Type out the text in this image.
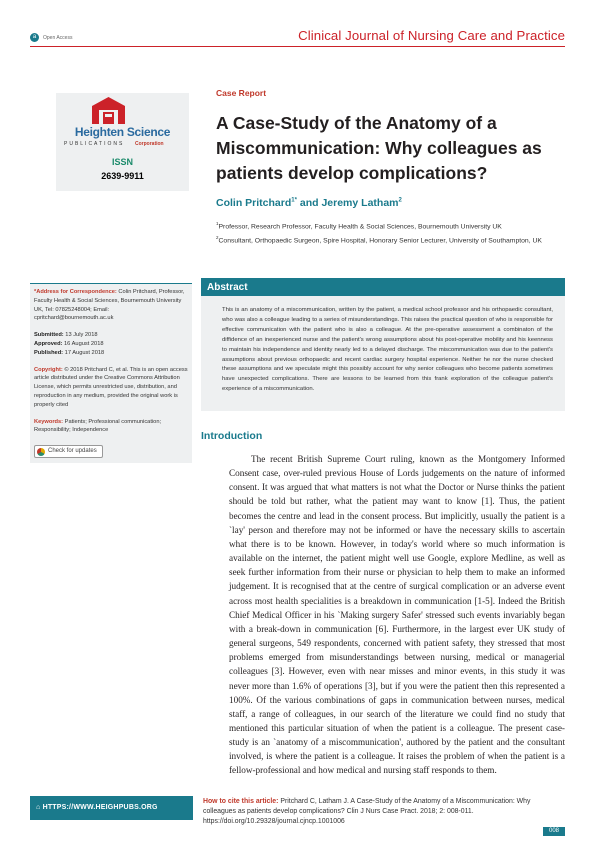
a	Open Access	Clinical Journal of Nursing Care and Practice
Heighten Science
PUBLICATIONS Corporation
ISSN
2639-9911
Case Report
A Case-Study of the Anatomy of a Miscommunication: Why colleagues as patients develop complications?
Colin Pritchard$^{1*}$ and Jeremy Latham$^2$
$^1$Professor, Research Professor, Faculty Health & Social Sciences, Bournemouth University UK
$^2$Consultant, Orthopaedic Surgeon, Spire Hospital, Honorary Senior Lecturer, University of Southampton, UK

*Address for Correspondence: Colin Pritchard, Professor, Faculty Health & Social Sciences, Bournemouth University UK, Tel: 07825248004; Email: cpritchard@bournemouth.ac.uk

Submitted: 13 July 2018
Approved: 16 August 2018
Published: 17 August 2018

Copyright: © 2018 Pritchard C, et al. This is an open access article distributed under the Creative Commons Attribution License, which permits unrestricted use, distribution, and reproduction in any medium, provided the original work is properly cited

Keywords: Patients; Professional communication; Responsibility; Independence

Check for updates
Abstract
This is an anatomy of a miscommunication, written by the patient, a medical school professor and his orthopaedic consultant, who was also a colleague leading to a series of misunderstandings. This raises the practical question of who is responsible for effective communication with the patient who is also a colleague. At the pre-operative assessment a combinaton of the diffidence of an inexperienced nurse and the patient's wrong assumptions about his post-operative mobility and his keenness to maintain his independence and identity nearly led to a delayed discharge. The miscommunication was due to the patient's assumptions about previous orthopaedic and recent cardiac surgery hospital experience. Neither he nor the nurse checked these assumptions and we speculate might this possibly account for why senior colleagues who become patients sometimes have unexpected complications. There are lessons to be learned from this frank exploration of the colleague patient's experience of a miscommunication.
Introduction

The recent British Supreme Court ruling, known as the Montgomery Informed Consent case, over-ruled previous House of Lords judgements on the nature of informed consent. It was argued that what matters is not what the Doctor or Nurse thinks the patient should be told but rather, what the patient may want to know [1]. Thus, the patient becomes the centre and lead in the consent process. But implicitly, usually the patient is a `lay' person and therefore may not be informed or have the necessary skills to ascertain what there is to be known. However, in today's world where so much information is available on the internet, the patient might well use Google, explore Medline, as well as seek further information from their nurse or physician to help them to make an informed judgement. It is recognised that at the centre of surgical complication or an adverse event across most health specialities is a breakdown in communication [1-5]. Indeed the British Chief Medical Officer in his `Making surgery Safer' stressed such events invariably began with a break-down in communication [6]. Furthermore, in the largest ever UK study of general surgeons, 549 respondents, concerned with patient safety, they stressed that most problems emerged from misunderstandings between nursing, medical or managerial colleagues [3]. However, even with near misses and minor events, in this study it was never more than 1.6% of operations [3], but if you were the patient then this represented a 100%. Of the various combinations of gaps in communication between nurses, medical staff, a range of colleagues, in our search of the literature we could find no study that mentioned this particular situation of when the patient is a colleague. The present case-study is an `anatomy of a miscommunication', authored by the patient and the consultant involved, is where the patient is a colleague. It raises the problem of when the patient is a fellow-professional and how medical and nursing staff responds to them.

⌂ HTTPS://WWW.HEIGHPUBS.ORG
How to cite this article: Pritchard C, Latham J. A Case-Study of the Anatomy of a Miscommunication: Why colleagues as patients develop complications? Clin J Nurs Case Pract. 2018; 2: 008-011. https://doi.org/10.29328/journal.cjncp.1001006
008
